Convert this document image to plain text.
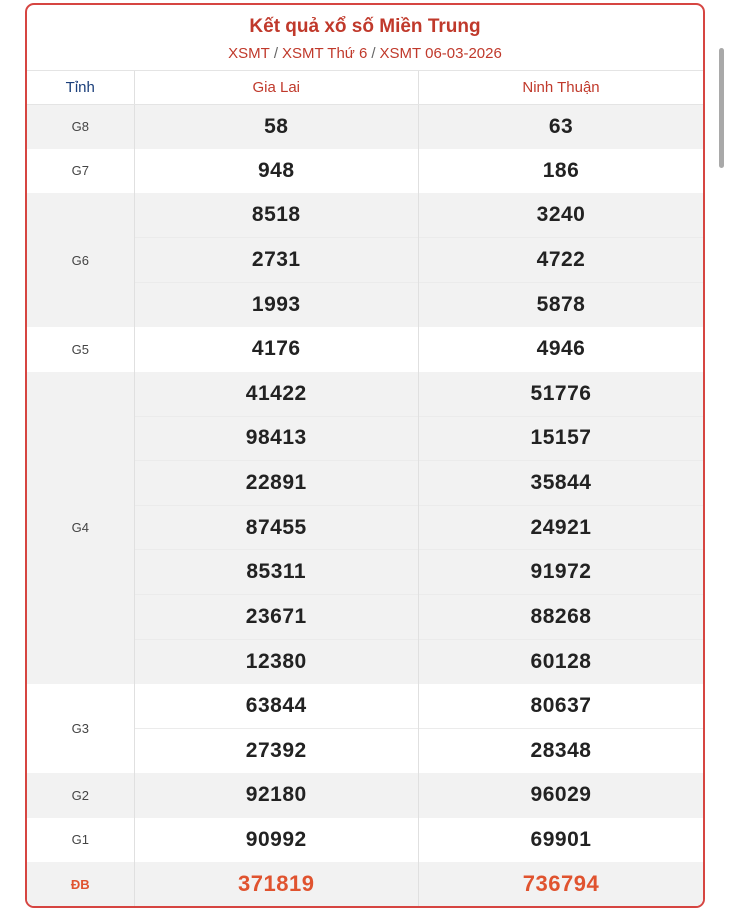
Kết quả xổ số Miền Trung
XSMT / XSMT Thứ 6 / XSMT 06-03-2026
Tỉnh	Gia Lai	Ninh Thuận
G8	58	63
G7	948	186
G6	8518	3240
	2731	4722
	1993	5878
G5	4176	4946
G4	41422	51776
	98413	15157
	22891	35844
	87455	24921
	85311	91972
	23671	88268
	12380	60128
G3	63844	80637
	27392	28348
G2	92180	96029
G1	90992	69901
ĐB	371819	736794
